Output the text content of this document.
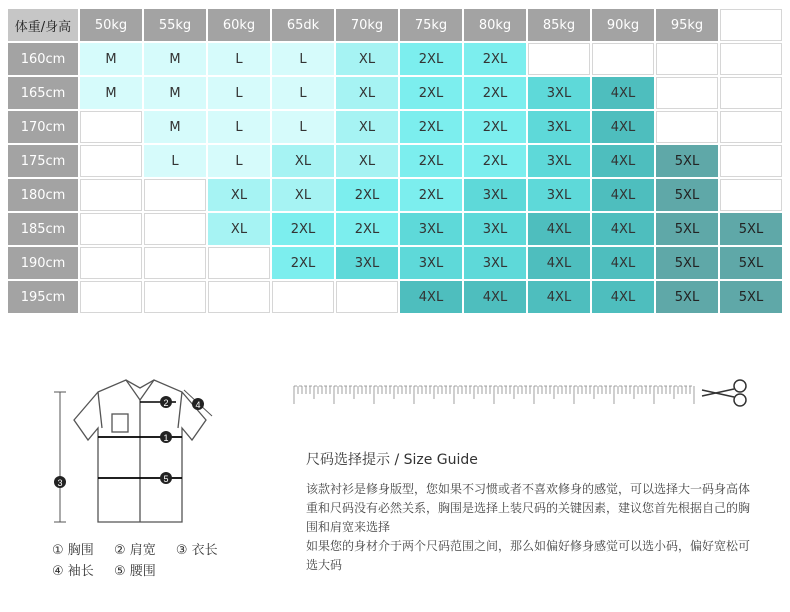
体重/身高	50kg	55kg	60kg	65dk	70kg	75kg	80kg	85kg	90kg	95kg	
160cm	M	M	L	L	XL	2XL	2XL				
165cm	M	M	L	L	XL	2XL	2XL	3XL	4XL		
170cm		M	L	L	XL	2XL	2XL	3XL	4XL		
175cm		L	L	XL	XL	2XL	2XL	3XL	4XL	5XL	
180cm			XL	XL	2XL	2XL	3XL	3XL	4XL	5XL	
185cm			XL	2XL	2XL	3XL	3XL	4XL	4XL	5XL	5XL
190cm				2XL	3XL	3XL	3XL	4XL	4XL	5XL	5XL
195cm						4XL	4XL	4XL	4XL	5XL	5XL
1
2
3
4
5
① 胸围 ② 肩宽 ③ 衣长
④ 袖长 ⑤ 腰围
尺码选择提示 / Size Guide

该款衬衫是修身版型，您如果不习惯或者不喜欢修身的感觉，可以选择大一码身高体重和尺码没有必然关系，胸围是选择上装尺码的关键因素，建议您首先根据自己的胸围和肩宽来选择

如果您的身材介于两个尺码范围之间，那么如偏好修身感觉可以选小码，偏好宽松可选大码
